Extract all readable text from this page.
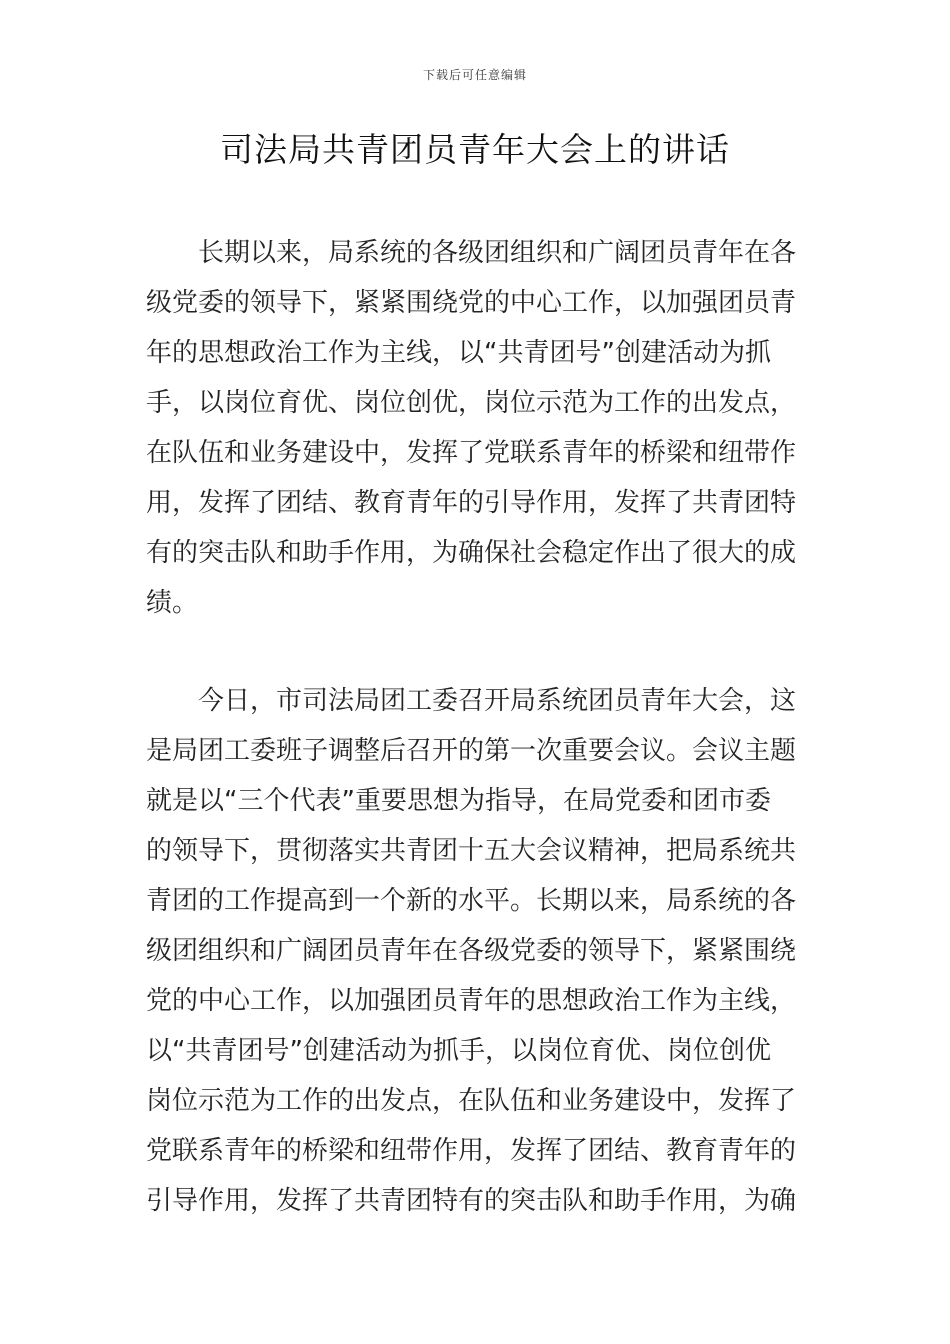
下载后可任意编辑
司法局共青团员青年大会上的讲话
长期以来，局系统的各级团组织和广阔团员青年在各
级党委的领导下，紧紧围绕党的中心工作，以加强团员青
年的思想政治工作为主线，以“共青团号”创建活动为抓
手，以岗位育优、岗位创优，岗位示范为工作的出发点，
在队伍和业务建设中，发挥了党联系青年的桥梁和纽带作
用，发挥了团结、教育青年的引导作用，发挥了共青团特
有的突击队和助手作用，为确保社会稳定作出了很大的成
绩。
今日，市司法局团工委召开局系统团员青年大会，这
是局团工委班子调整后召开的第一次重要会议。会议主题
就是以“三个代表”重要思想为指导，在局党委和团市委
的领导下，贯彻落实共青团十五大会议精神，把局系统共
青团的工作提高到一个新的水平。长期以来，局系统的各
级团组织和广阔团员青年在各级党委的领导下，紧紧围绕
党的中心工作，以加强团员青年的思想政治工作为主线，
以“共青团号”创建活动为抓手，以岗位育优、岗位创优
岗位示范为工作的出发点，在队伍和业务建设中，发挥了
党联系青年的桥梁和纽带作用，发挥了团结、教育青年的
引导作用，发挥了共青团特有的突击队和助手作用，为确
